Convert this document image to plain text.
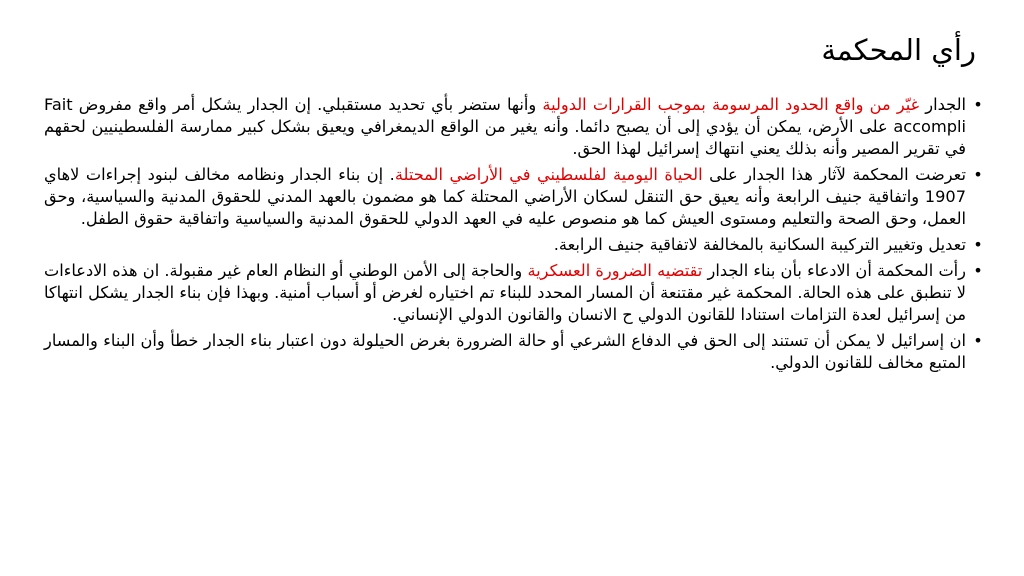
رأي المحكمة
•
الجدار غيّر من واقع الحدود المرسومة بموجب القرارات الدولية وأنها ستضر بأي تحديد مستقبلي. إن الجدار يشكل أمر واقع مفروض Fait accompli على الأرض، يمكن أن يؤدي إلى أن يصبح دائما. وأنه يغير من الواقع الديمغرافي ويعيق بشكل كبير ممارسة الفلسطينيين لحقهم في تقرير المصير وأنه بذلك يعني انتهاك إسرائيل لهذا الحق.
•
تعرضت المحكمة لآثار هذا الجدار على الحياة اليومية لفلسطيني في الأراضي المحتلة. إن بناء الجدار ونظامه مخالف لبنود إجراءات لاهاي 1907 واتفاقية جنيف الرابعة وأنه يعيق حق التنقل لسكان الأراضي المحتلة كما هو مضمون بالعهد المدني للحقوق المدنية والسياسية، وحق العمل، وحق الصحة والتعليم ومستوى العيش كما هو منصوص عليه في العهد الدولي للحقوق المدنية والسياسية واتفاقية حقوق الطفل.
•
تعديل وتغيير التركيبة السكانية بالمخالفة لاتفاقية جنيف الرابعة.
•
رأت المحكمة أن الادعاء بأن بناء الجدار تقتضيه الضرورة العسكرية والحاجة إلى الأمن الوطني أو النظام العام غير مقبولة. ان هذه الادعاءات لا تنطبق على هذه الحالة. المحكمة غير مقتنعة أن المسار المحدد للبناء تم اختياره لغرض أو أسباب أمنية. وبهذا فإن بناء الجدار يشكل انتهاكا من إسرائيل لعدة التزامات استنادا للقانون الدولي ح الانسان والقانون الدولي الإنساني.
•
ان إسرائيل لا يمكن أن تستند إلى الحق في الدفاع الشرعي أو حالة الضرورة بغرض الحيلولة دون اعتبار بناء الجدار خطأ وأن البناء والمسار المتبع مخالف للقانون الدولي.
